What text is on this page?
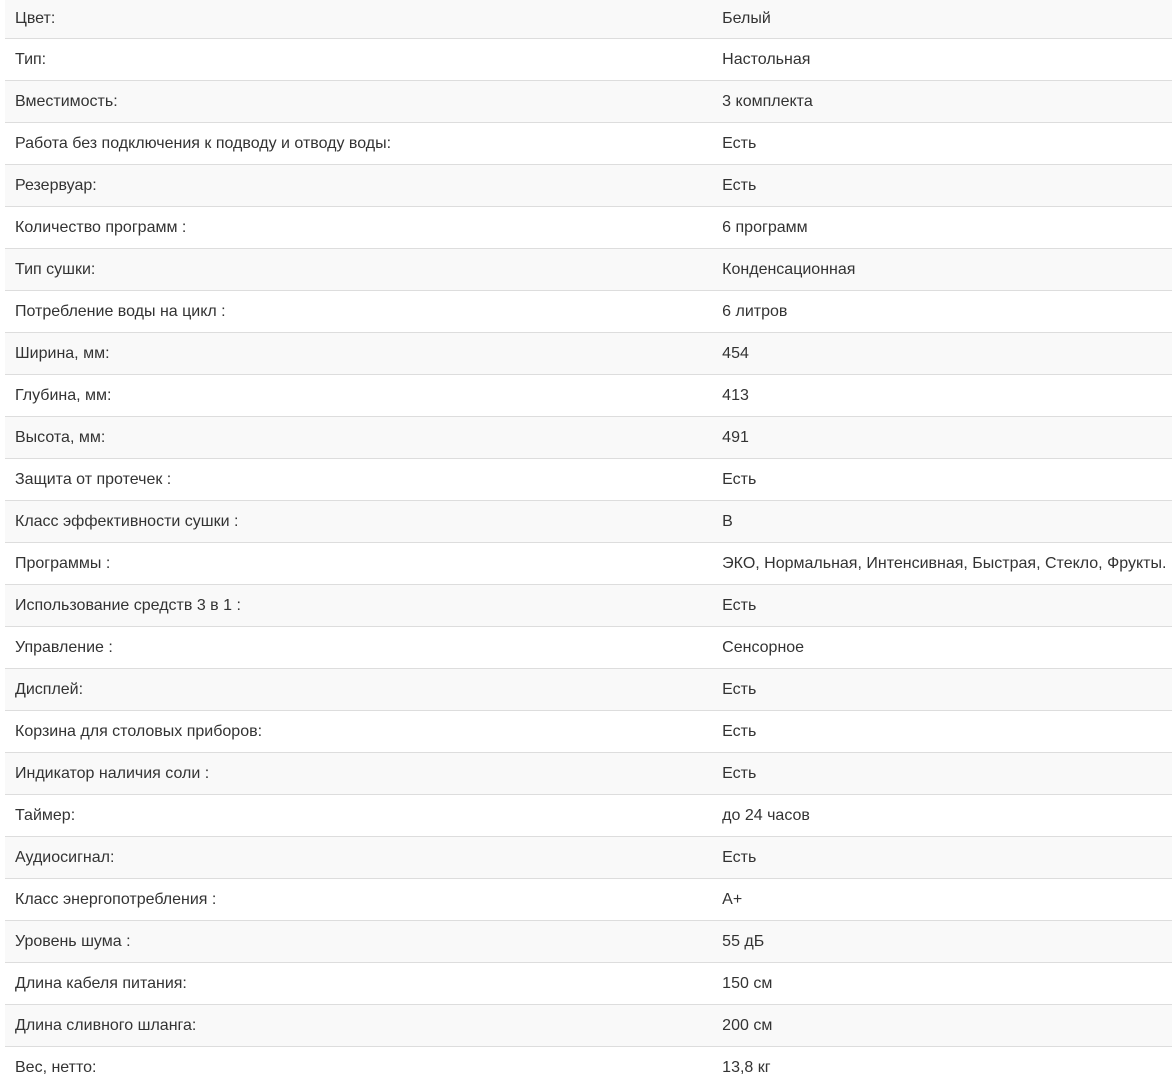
Цвет:	Белый
Тип:	Настольная
Вместимость:	3 комплекта
Работа без подключения к подводу и отводу воды:	Есть
Резервуар:	Есть
Количество программ :	6 программ
Тип сушки:	Конденсационная
Потребление воды на цикл :	6 литров
Ширина, мм:	454
Глубина, мм:	413
Высота, мм:	491
Защита от протечек :	Есть
Класс эффективности сушки :	B
Программы :	ЭКО, Нормальная, Интенсивная, Быстрая, Стекло, Фрукты.
Использование средств 3 в 1 :	Есть
Управление :	Сенсорное
Дисплей:	Есть
Корзина для столовых приборов:	Есть
Индикатор наличия соли :	Есть
Таймер:	до 24 часов
Аудиосигнал:	Есть
Класс энергопотребления :	A+
Уровень шума :	55 дБ
Длина кабеля питания:	150 см
Длина сливного шланга:	200 см
Вес, нетто:	13,8 кг
